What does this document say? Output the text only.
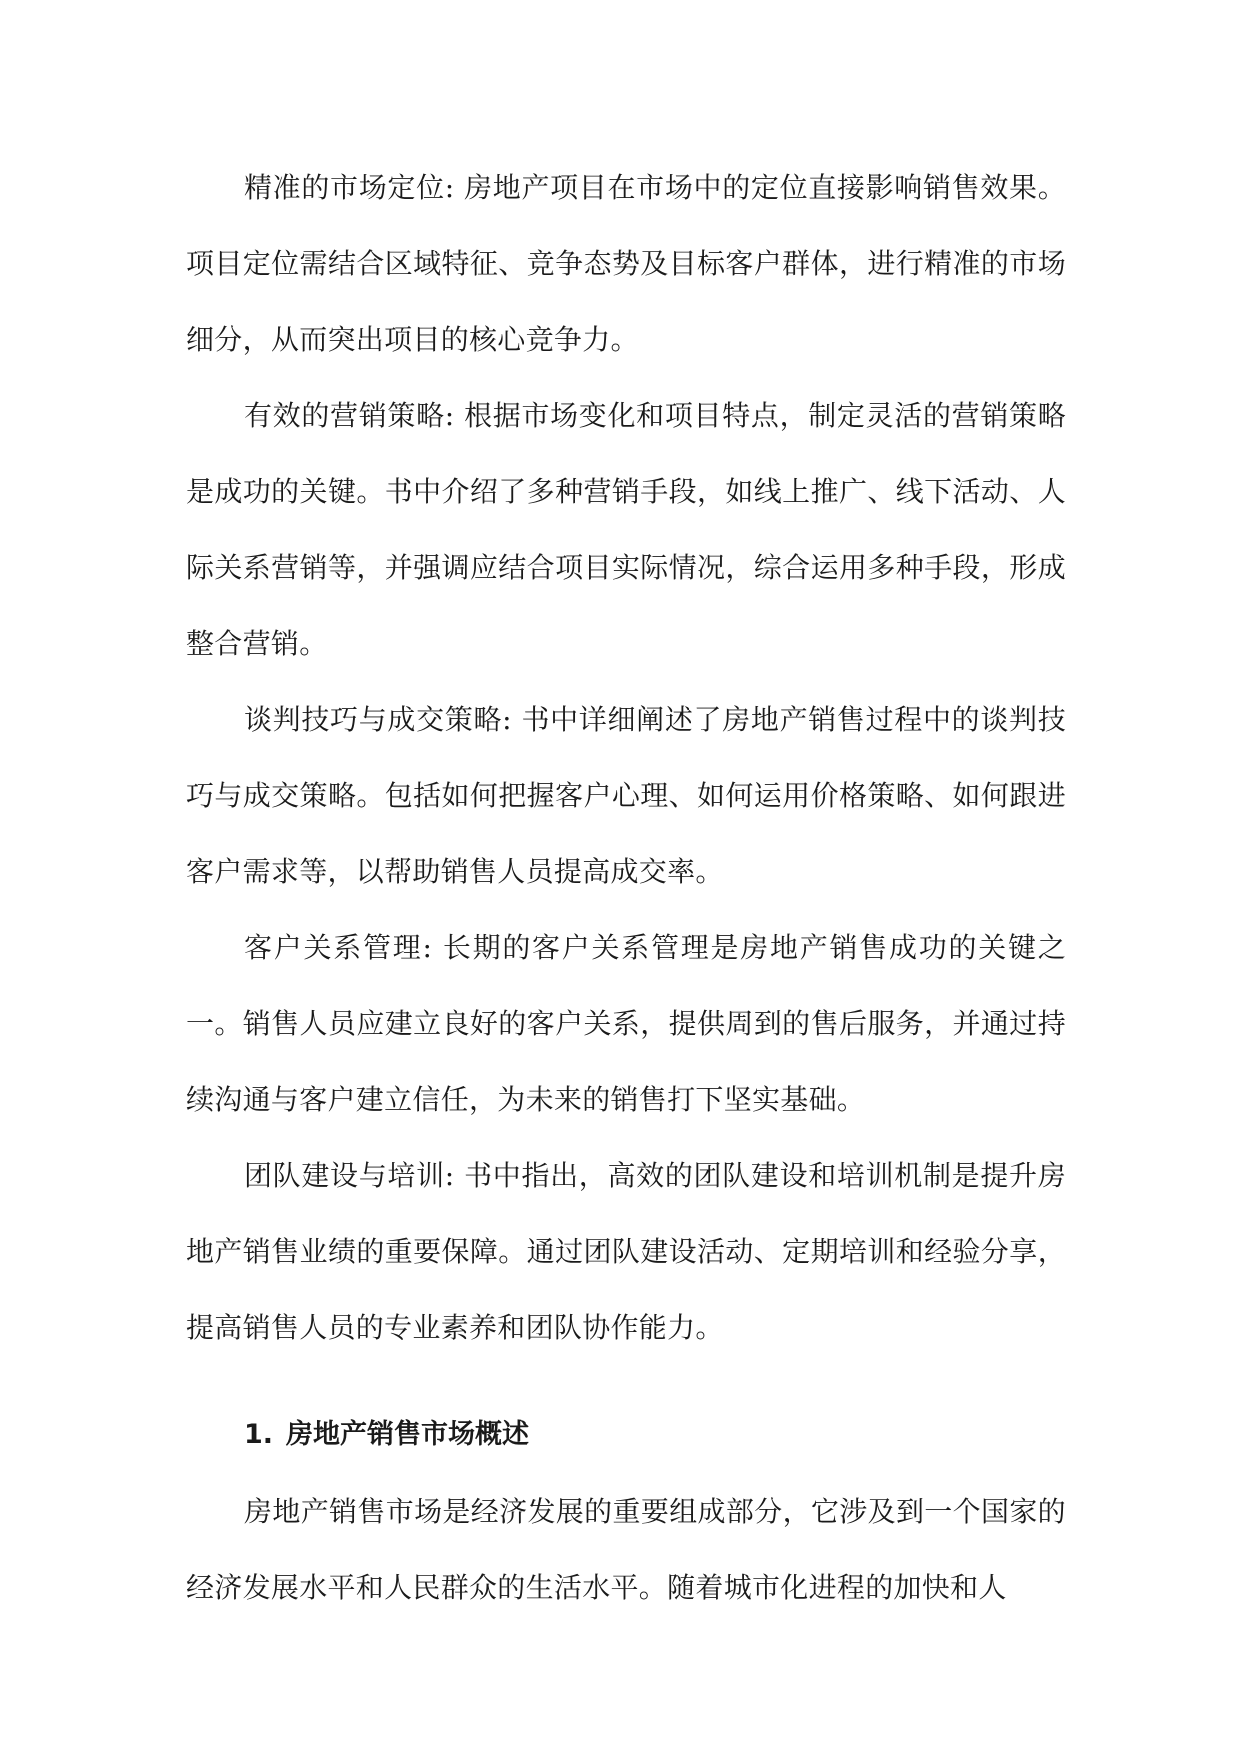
精准的市场定位: 房地产项目在市场中的定位直接影响销售效果。项目定位需结合区域特征、竞争态势及目标客户群体，进行精准的市场细分，从而突出项目的核心竞争力。

有效的营销策略: 根据市场变化和项目特点，制定灵活的营销策略是成功的关键。书中介绍了多种营销手段，如线上推广、线下活动、人际关系营销等，并强调应结合项目实际情况，综合运用多种手段，形成整合营销。

谈判技巧与成交策略: 书中详细阐述了房地产销售过程中的谈判技巧与成交策略。包括如何把握客户心理、如何运用价格策略、如何跟进客户需求等，以帮助销售人员提高成交率。

客户关系管理: 长期的客户关系管理是房地产销售成功的关键之一。销售人员应建立良好的客户关系，提供周到的售后服务，并通过持续沟通与客户建立信任，为未来的销售打下坚实基础。

团队建设与培训: 书中指出，高效的团队建设和培训机制是提升房地产销售业绩的重要保障。通过团队建设活动、定期培训和经验分享，提高销售人员的专业素养和团队协作能力。

1. 房地产销售市场概述

房地产销售市场是经济发展的重要组成部分，它涉及到一个国家的经济发展水平和人民群众的生活水平。随着城市化进程的加快和人
